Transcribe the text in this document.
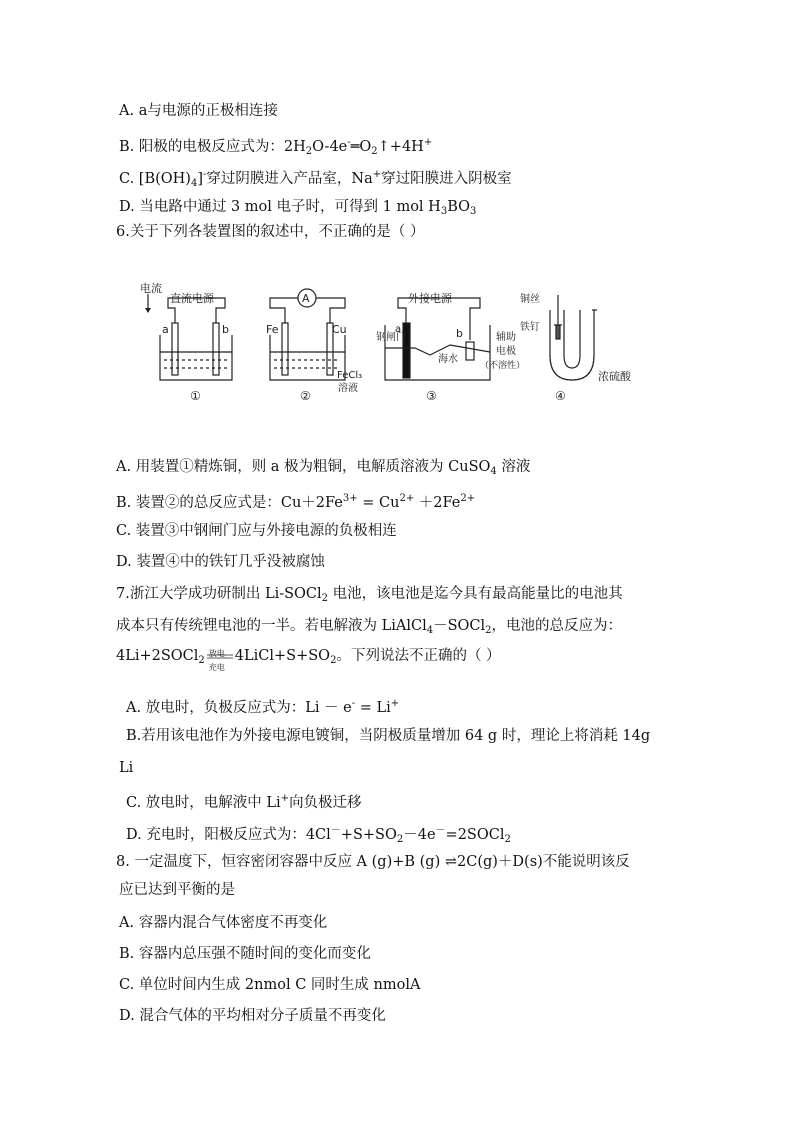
A. a与电源的正极相连接
B. 阳极的电极反应式为：$2H_2O-4e^-═O_2↑+4H^+$
C. $[B(OH)_4]^-$穿过阴膜进入产品室，Na+穿过阳膜进入阴极室
D. 当电路中通过 3 mol 电子时，可得到 1 mol $H_3BO_3$
6.关于下列各装置图的叙述中，不正确的是（ ）
电流
直流电源
a	b
①
A
Fe	Cu
FeCl₃
溶液
②
外接电源
钢闸门
a	b
海水
辅助
电极
（不溶性）
③
铜丝
铁钉
浓硫酸
④
A. 用装置①精炼铜，则 a 极为粗铜，电解质溶液为 CuSO$_4$ 溶液
B. 装置②的总反应式是：$Cu+2Fe^{3+} = Cu^{2+} +2Fe^{2+}$
C. 装置③中钢闸门应与外接电源的负极相连
D. 装置④中的铁钉几乎没被腐蚀
7.浙江大学成功研制出 Li-SOCl$_2$ 电池，该电池是迄今具有最高能量比的电池其
成本只有传统锂电池的一半。若电解液为 LiAlCl$_4$－SOCl$_2$，电池的总反应为：
4Li+2SOCl$_2$
放电
充电
$4LiCl+S+SO_2$。下列说法不正确的（ ）
A. 放电时，负极反应式为：Li － e- = Li+
B.若用该电池作为外接电源电镀铜，当阴极质量增加 64 g 时，理论上将消耗 14g
Li
C. 放电时，电解液中 Li+向负极迁移
D. 充电时，阳极反应式为：$4Cl^-+S+SO_2-4e^-=2SOCl_2$
8. 一定温度下，恒容密闭容器中反应 A (g)+B (g) ⇌2C(g)＋D(s)不能说明该反
应已达到平衡的是
A. 容器内混合气体密度不再变化
B. 容器内总压强不随时间的变化而变化
C. 单位时间内生成 2nmol C 同时生成 nmolA
D. 混合气体的平均相对分子质量不再变化
